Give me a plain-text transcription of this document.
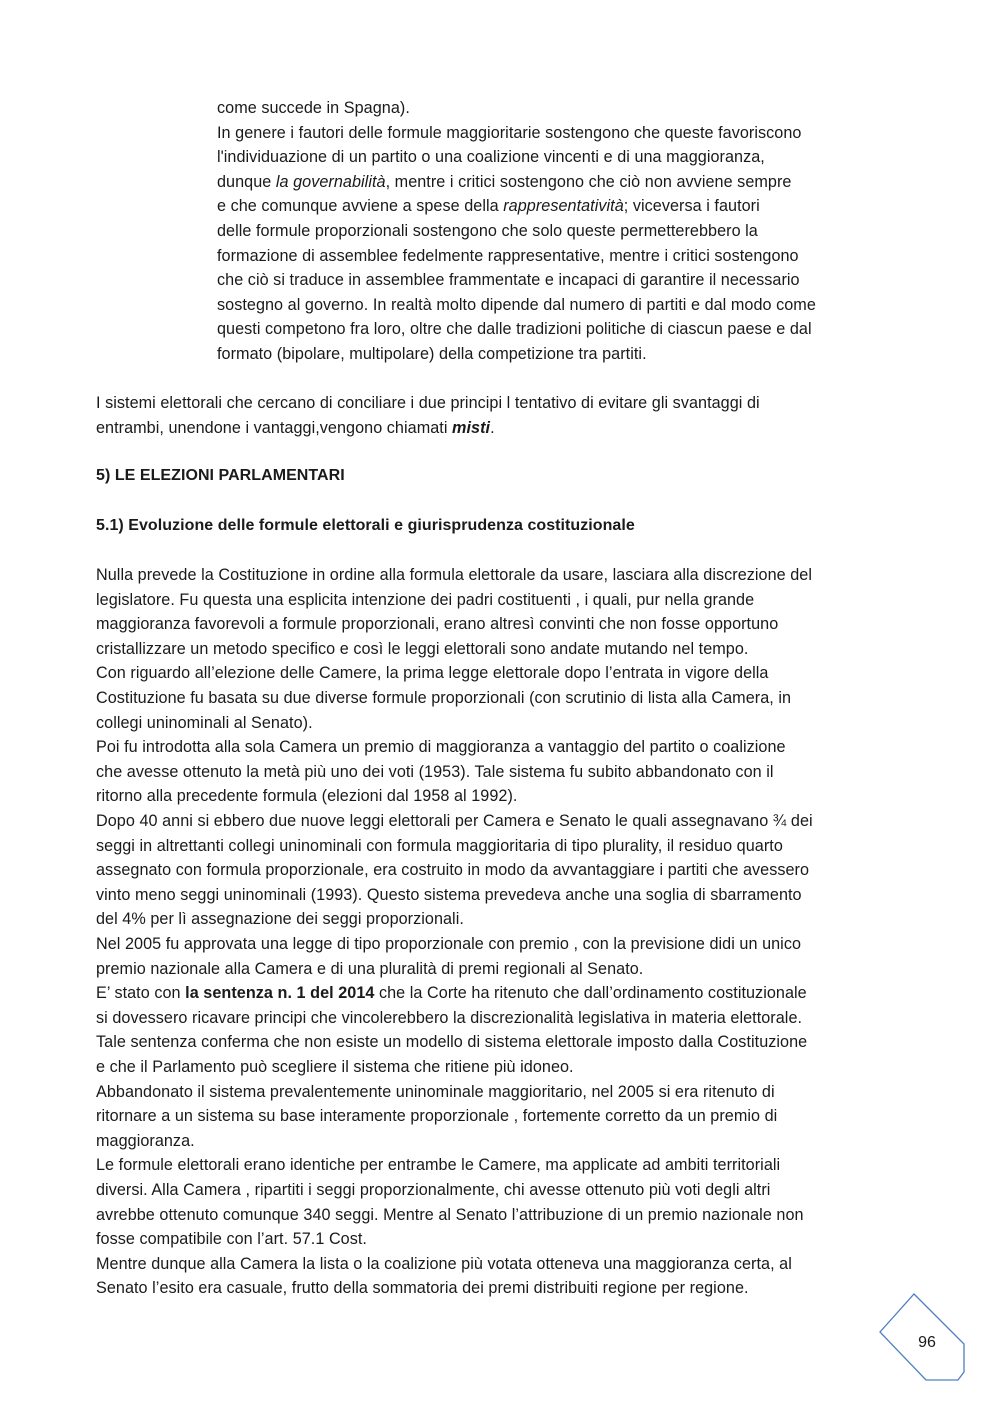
come succede in Spagna).
In genere i fautori delle formule maggioritarie sostengono che queste favoriscono
l'individuazione di un partito o una coalizione vincenti e di una maggioranza,
dunque la governabilità, mentre i critici sostengono che ciò non avviene sempre
e che comunque avviene a spese della rappresentatività; viceversa i fautori
delle formule proporzionali sostengono che solo queste permetterebbero la
formazione di assemblee fedelmente rappresentative, mentre i critici sostengono
che ciò si traduce in assemblee frammentate e incapaci di garantire il necessario
sostegno al governo. In realtà molto dipende dal numero di partiti e dal modo come
questi competono fra loro, oltre che dalle tradizioni politiche di ciascun paese e dal
formato (bipolare, multipolare) della competizione tra partiti.
I sistemi elettorali che cercano di conciliare i due principi l tentativo di evitare gli svantaggi di
entrambi, unendone i vantaggi,vengono chiamati misti.
5) LE ELEZIONI PARLAMENTARI
5.1) Evoluzione delle formule elettorali e giurisprudenza costituzionale
Nulla prevede la Costituzione in ordine alla formula elettorale da usare, lasciara alla discrezione del
legislatore. Fu questa una esplicita intenzione dei padri costituenti , i quali, pur nella grande
maggioranza favorevoli a formule proporzionali, erano altresì convinti che non fosse opportuno
cristallizzare un metodo specifico e così le leggi elettorali sono andate mutando nel tempo.
Con riguardo all’elezione delle Camere, la prima legge elettorale dopo l’entrata in vigore della
Costituzione fu basata su due diverse formule proporzionali (con scrutinio di lista alla Camera, in
collegi uninominali al Senato).
Poi fu introdotta alla sola Camera un premio di maggioranza a vantaggio del partito o coalizione
che avesse ottenuto la metà più uno dei voti (1953). Tale sistema fu subito abbandonato con il
ritorno alla precedente formula (elezioni dal 1958 al 1992).
Dopo 40 anni si ebbero due nuove leggi elettorali per Camera e Senato le quali assegnavano ¾ dei
seggi in altrettanti collegi uninominali con formula maggioritaria di tipo plurality, il residuo quarto
assegnato con formula proporzionale, era costruito in modo da avvantaggiare i partiti che avessero
vinto meno seggi uninominali (1993). Questo sistema prevedeva anche una soglia di sbarramento
del 4% per lì assegnazione dei seggi proporzionali.
Nel 2005 fu approvata una legge di tipo proporzionale con premio , con la previsione didi un unico
premio nazionale alla Camera e di una pluralità di premi regionali al Senato.
E’ stato con la sentenza n. 1 del 2014 che la Corte ha ritenuto che dall’ordinamento costituzionale
si dovessero ricavare principi che vincolerebbero la discrezionalità legislativa in materia elettorale.
Tale sentenza conferma che non esiste un modello di sistema elettorale imposto dalla Costituzione
e che il Parlamento può scegliere il sistema che ritiene più idoneo.
Abbandonato il sistema prevalentemente uninominale maggioritario, nel 2005 si era ritenuto di
ritornare a un sistema su base interamente proporzionale , fortemente corretto da un premio di
maggioranza.
Le formule elettorali erano identiche per entrambe le Camere, ma applicate ad ambiti territoriali
diversi. Alla Camera , ripartiti i seggi proporzionalmente, chi avesse ottenuto più voti degli altri
avrebbe ottenuto comunque 340 seggi. Mentre al Senato l’attribuzione di un premio nazionale non
fosse compatibile con l’art. 57.1 Cost.
Mentre dunque alla Camera la lista o la coalizione più votata otteneva una maggioranza certa, al
Senato l’esito era casuale, frutto della sommatoria dei premi distribuiti regione per regione.
96
